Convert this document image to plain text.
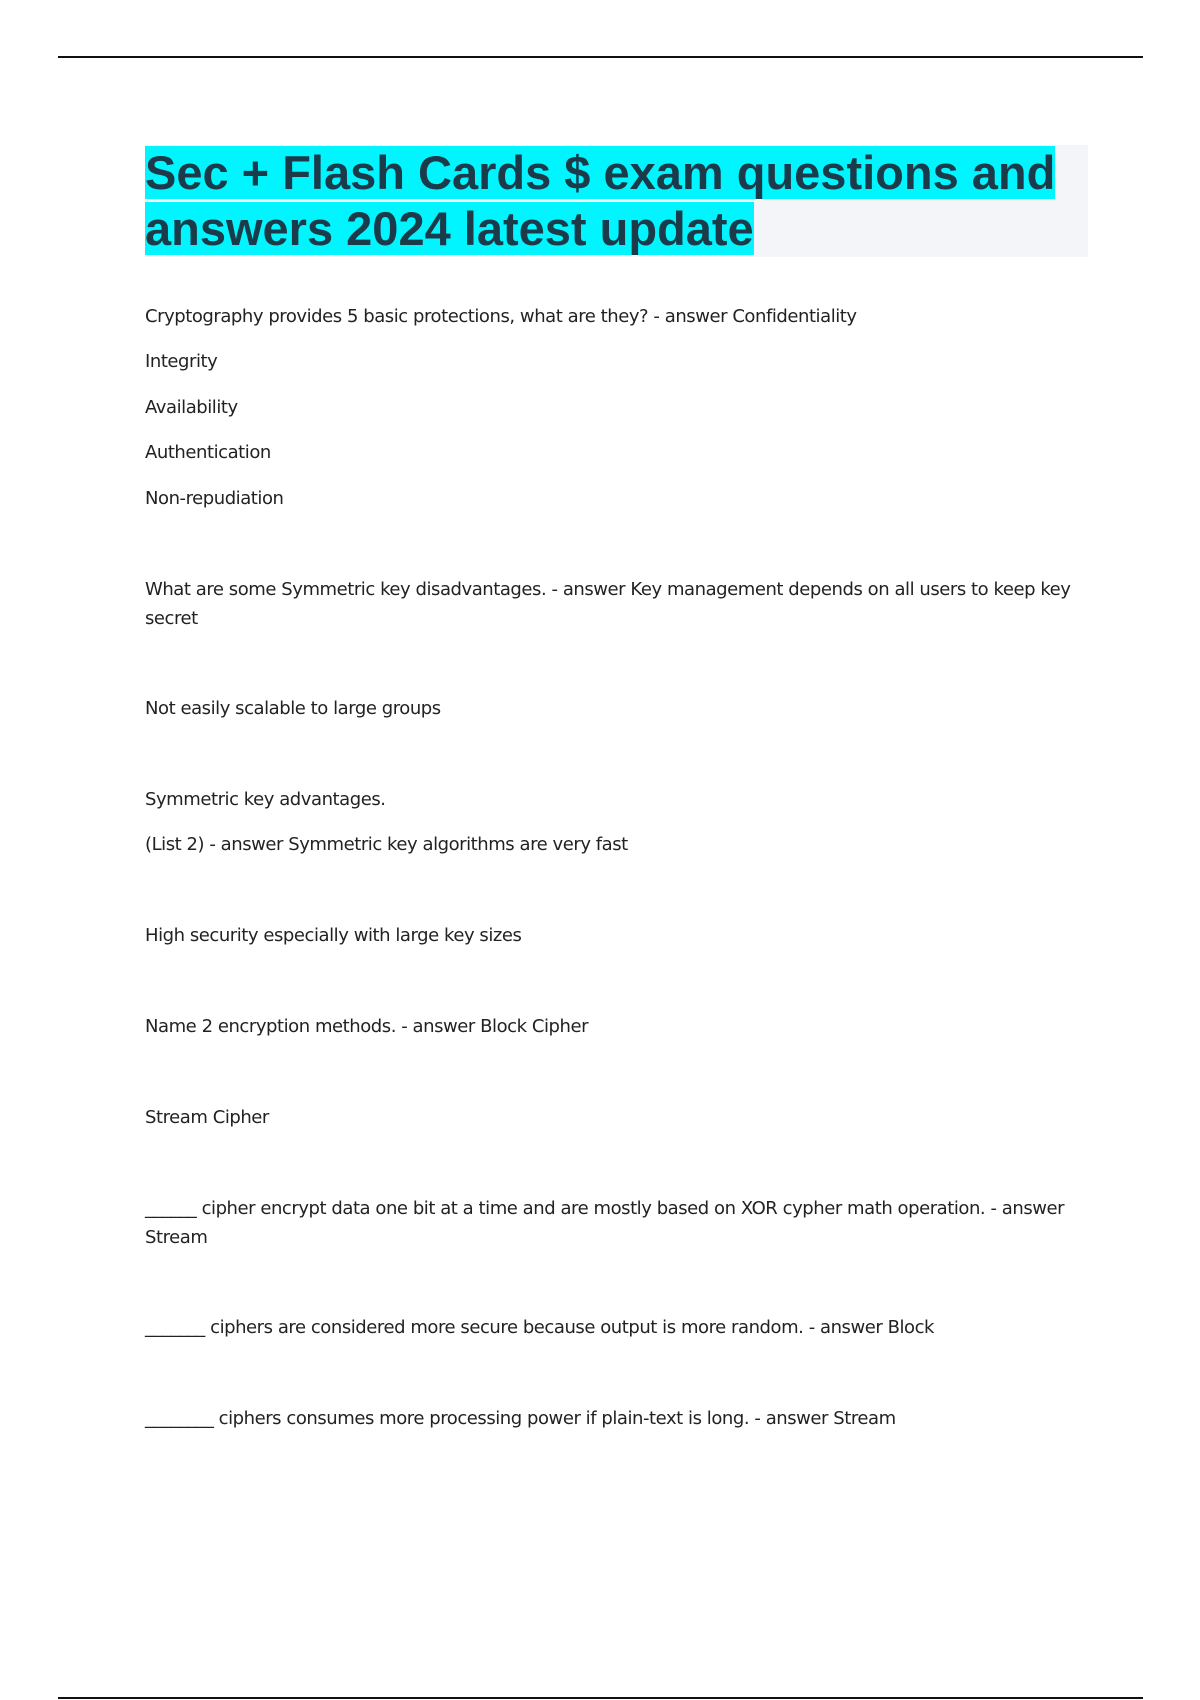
Sec + Flash Cards $ exam questions and answers 2024 latest update

Cryptography provides 5 basic protections, what are they? - answer Confidentiality

Integrity

Availability

Authentication

Non-repudiation

What are some Symmetric key disadvantages. - answer Key management depends on all users to keep key secret

Not easily scalable to large groups

Symmetric key advantages.

(List 2) - answer Symmetric key algorithms are very fast

High security especially with large key sizes

Name 2 encryption methods. - answer Block Cipher

Stream Cipher

______ cipher encrypt data one bit at a time and are mostly based on XOR cypher math operation. - answer Stream

_______ ciphers are considered more secure because output is more random. - answer Block

________ ciphers consumes more processing power if plain-text is long. - answer Stream
